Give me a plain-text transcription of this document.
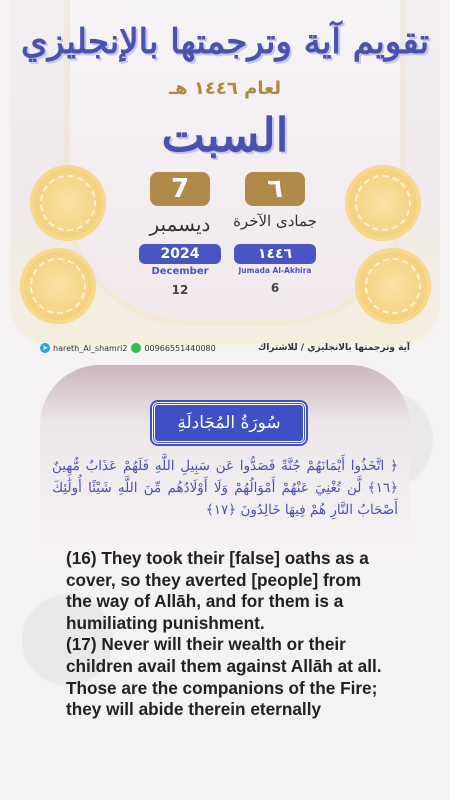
تقويم آية وترجمتها بالإنجليزي
لعام ١٤٤٦ هـ
السبت
7
ديسمبر
2024
December
12
٦
جمادى الآخرة
١٤٤٦
Jumada Al-Akhira
6
➤ hareth_Al_shamri2 00966551440080	آية وترجمتها بالانجليزي / للاشتراك
سُورَةُ المُجَادلَةِ
﴿ اتَّخَذُوا أَيْمَانَهُمْ جُنَّةً فَصَدُّوا عَن سَبِيلِ اللَّهِ فَلَهُمْ عَذَابٌ مُّهِينٌ ﴿١٦﴾ لَّن تُغْنِيَ عَنْهُمْ أَمْوَالُهُمْ وَلَا أَوْلَادُهُم مِّنَ اللَّهِ شَيْئًا أُولَٰئِكَ أَصْحَابُ النَّارِ هُمْ فِيهَا خَالِدُونَ ﴿١٧﴾

(16) They took their [false] oaths as a cover, so they averted [people] from the way of Allāh, and for them is a humiliating punishment.

(17) Never will their wealth or their children avail them against Allāh at all. Those are the companions of the Fire; they will abide therein eternally
